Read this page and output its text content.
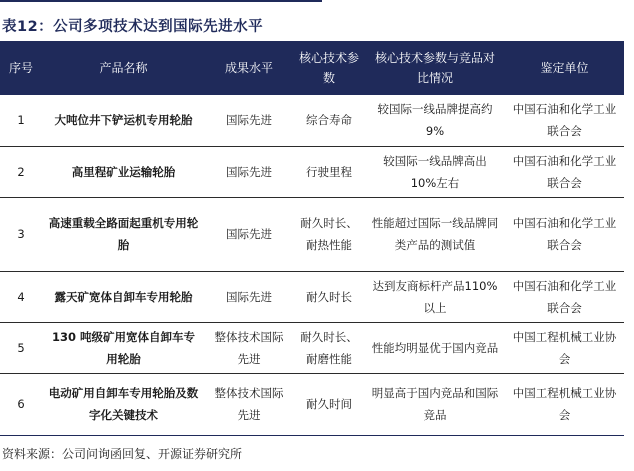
表12：公司多项技术达到国际先进水平
序号	产品名称	成果水平	核心技术参数	核心技术参数与竞品对比情况	鉴定单位
1	大吨位井下铲运机专用轮胎	国际先进	综合寿命	较国际一线品牌提高约 9%	中国石油和化学工业联合会
2	高里程矿业运输轮胎	国际先进	行驶里程	较国际一线品牌高出 10%左右	中国石油和化学工业联合会
3	高速重载全路面起重机专用轮胎	国际先进	耐久时长、耐热性能	性能超过国际一线品牌同类产品的测试值	中国石油和化学工业联合会
4	露天矿宽体自卸车专用轮胎	国际先进	耐久时长	达到友商标杆产品110%以上	中国石油和化学工业联合会
5	130 吨级矿用宽体自卸车专用轮胎	整体技术国际先进	耐久时长、耐磨性能	性能均明显优于国内竞品	中国工程机械工业协会
6	电动矿用自卸车专用轮胎及数字化关键技术	整体技术国际先进	耐久时间	明显高于国内竞品和国际竞品	中国工程机械工业协会
资料来源：公司问询函回复、开源证券研究所
